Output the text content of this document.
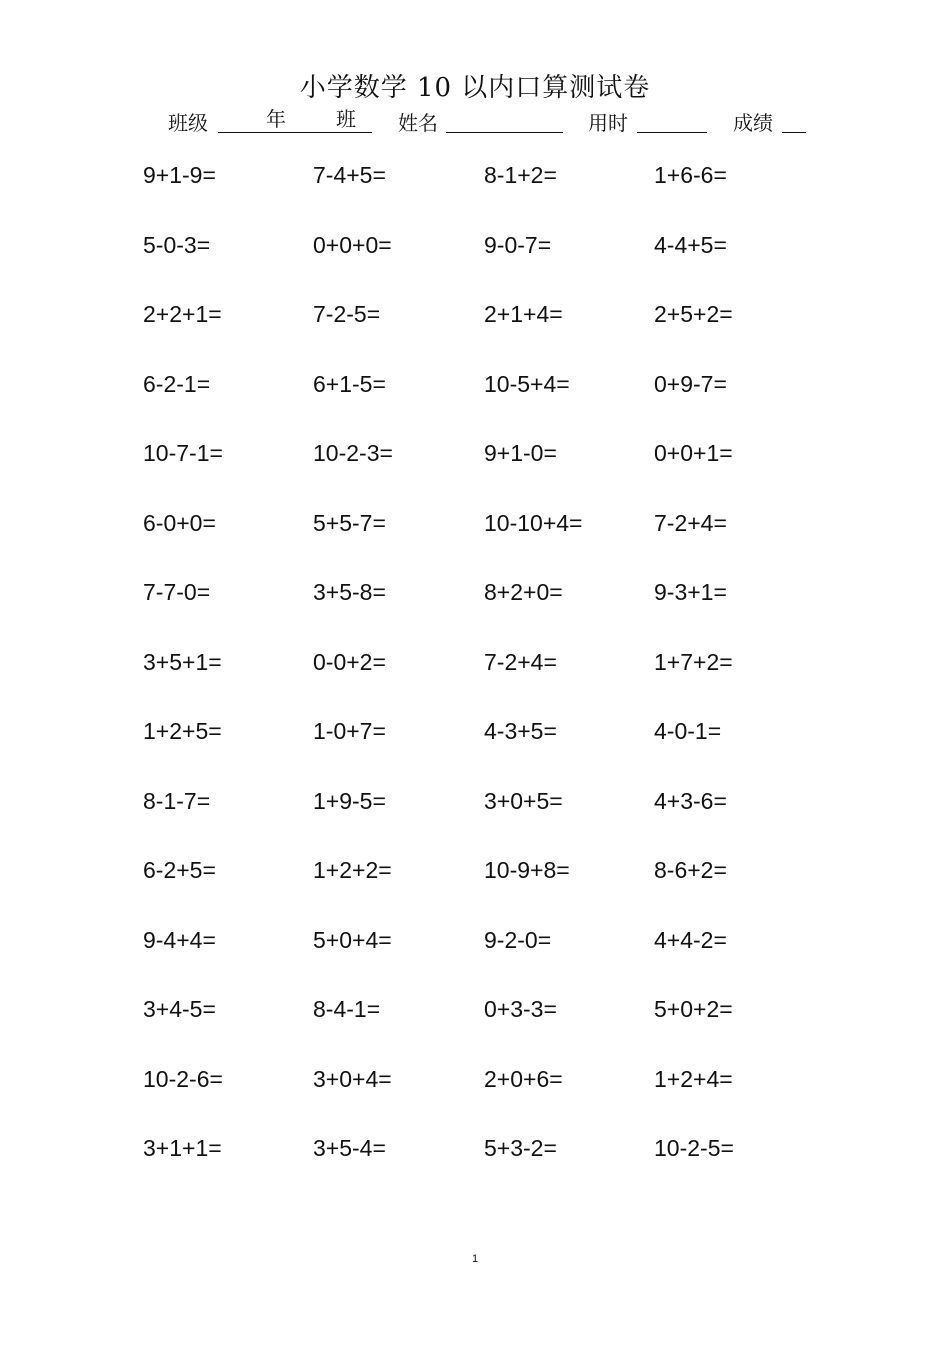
小学数学 10 以内口算测试卷
班级	年	班 姓名	用时	成绩
9+1-9=	7-4+5=	8-1+2=	1+6-6=
5-0-3=	0+0+0=	9-0-7=	4-4+5=
2+2+1=	7-2-5=	2+1+4=	2+5+2=
6-2-1=	6+1-5=	10-5+4=	0+9-7=
10-7-1=	10-2-3=	9+1-0=	0+0+1=
6-0+0=	5+5-7=	10-10+4=	7-2+4=
7-7-0=	3+5-8=	8+2+0=	9-3+1=
3+5+1=	0-0+2=	7-2+4=	1+7+2=
1+2+5=	1-0+7=	4-3+5=	4-0-1=
8-1-7=	1+9-5=	3+0+5=	4+3-6=
6-2+5=	1+2+2=	10-9+8=	8-6+2=
9-4+4=	5+0+4=	9-2-0=	4+4-2=
3+4-5=	8-4-1=	0+3-3=	5+0+2=
10-2-6=	3+0+4=	2+0+6=	1+2+4=
3+1+1=	3+5-4=	5+3-2=	10-2-5=
1
